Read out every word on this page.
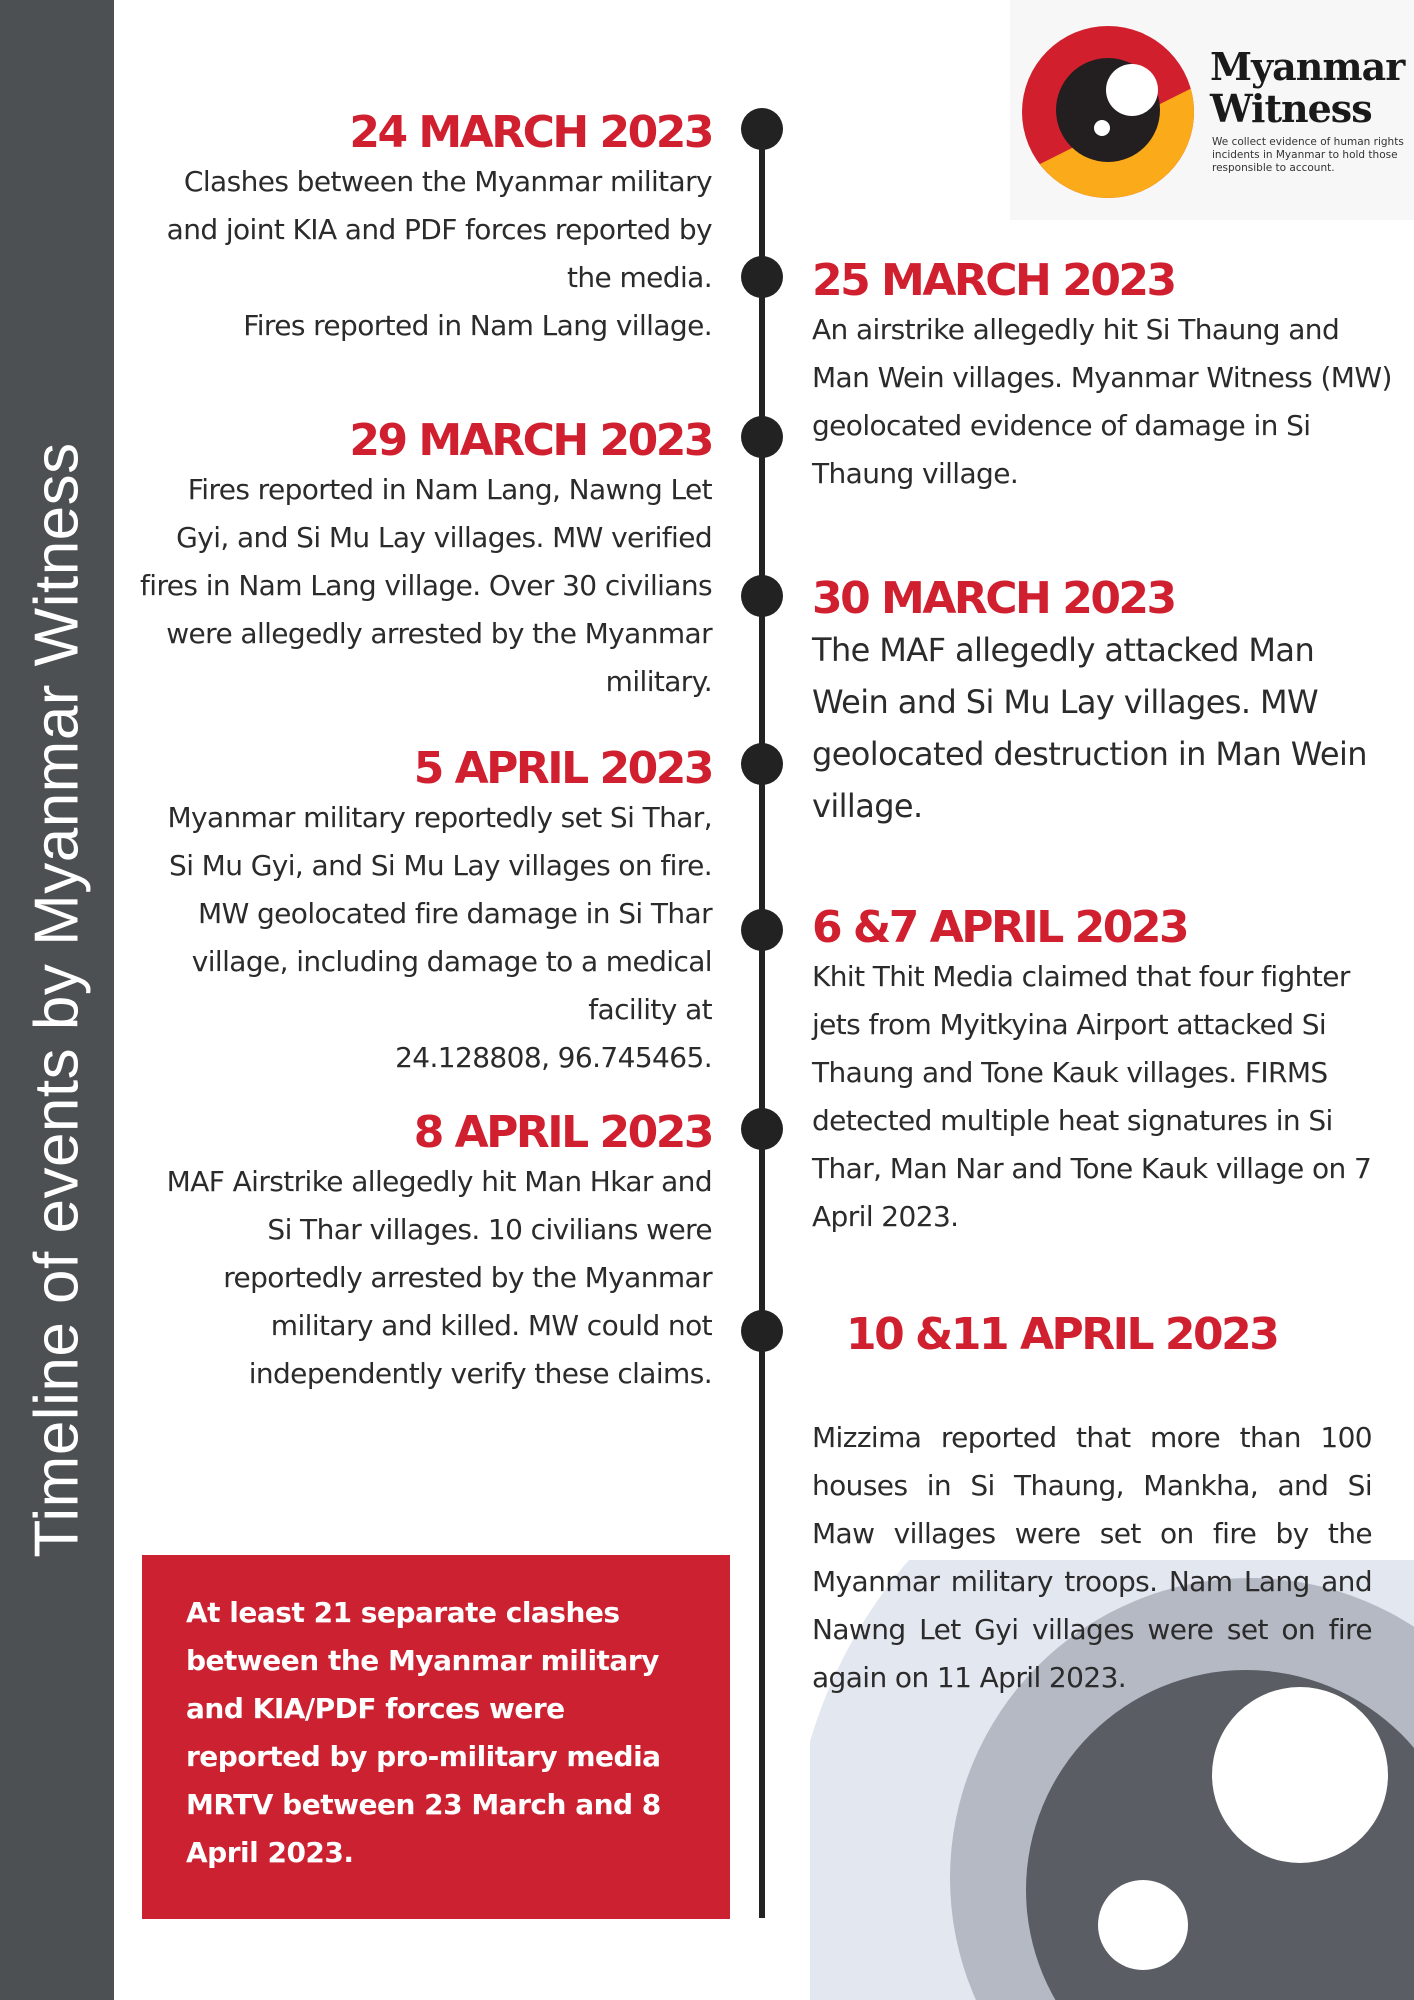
Timeline of events by Myanmar Witness
Myanmar
Witness
We collect evidence of human rights incidents in Myanmar to hold those responsible to account.
24 MARCH 2023

Clashes between the Myanmar military and joint KIA and PDF forces reported by the media.

Fires reported in Nam Lang village.

29 MARCH 2023

Fires reported in Nam Lang, Nawng Let Gyi, and Si Mu Lay villages. MW verified fires in Nam Lang village. Over 30 civilians were allegedly arrested by the Myanmar military.

5 APRIL 2023

Myanmar military reportedly set Si Thar, Si Mu Gyi, and Si Mu Lay villages on fire. MW geolocated fire damage in Si Thar village, including damage to a medical facility at

24.128808, 96.745465.

8 APRIL 2023

MAF Airstrike allegedly hit Man Hkar and Si Thar villages. 10 civilians were reportedly arrested by the Myanmar military and killed. MW could not independently verify these claims.

25 MARCH 2023

An airstrike allegedly hit Si Thaung and Man Wein villages. Myanmar Witness (MW) geolocated evidence of damage in Si Thaung village.

30 MARCH 2023

The MAF allegedly attacked Man Wein and Si Mu Lay villages. MW geolocated destruction in Man Wein village.

6 &7 APRIL 2023

Khit Thit Media claimed that four fighter jets from Myitkyina Airport attacked Si Thaung and Tone Kauk villages. FIRMS detected multiple heat signatures in Si Thar, Man Nar and Tone Kauk village on 7 April 2023.

10 &11 APRIL 2023

Mizzima reported that more than 100 houses in Si Thaung, Mankha, and Si Maw villages were set on fire by the Myanmar military troops. Nam Lang and Nawng Let Gyi villages were set on fire again on 11 April 2023.

At least 21 separate clashes between the Myanmar military and KIA/PDF forces were reported by pro-military media MRTV between 23 March and 8 April 2023.
